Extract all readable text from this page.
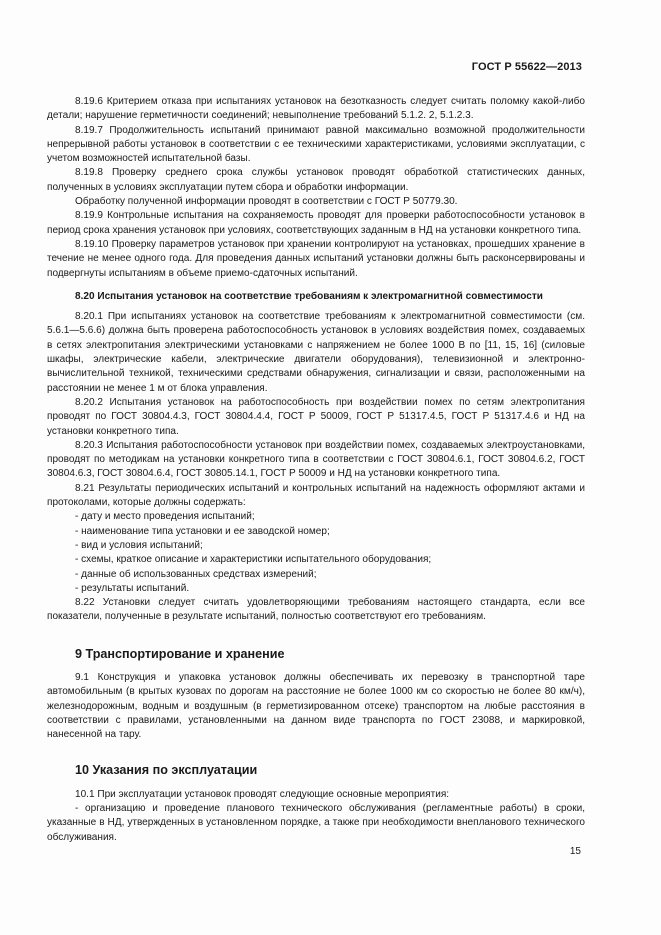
ГОСТ Р 55622—2013

8.19.6 Критерием отказа при испытаниях установок на безотказность следует считать поломку какой-либо детали; нарушение герметичности соединений; невыполнение требований 5.1.2. 2, 5.1.2.3.

8.19.7 Продолжительность испытаний принимают равной максимально возможной продолжительности непрерывной работы установок в соответствии с ее техническими характеристиками, условиями эксплуатации, с учетом возможностей испытательной базы.

8.19.8 Проверку среднего срока службы установок проводят обработкой статистических данных, полученных в условиях эксплуатации путем сбора и обработки информации.

Обработку полученной информации проводят в соответствии с ГОСТ Р 50779.30.

8.19.9 Контрольные испытания на сохраняемость проводят для проверки работоспособности установок в период срока хранения установок при условиях, соответствующих заданным в НД на установки конкретного типа.

8.19.10 Проверку параметров установок при хранении контролируют на установках, прошедших хранение в течение не менее одного года. Для проведения данных испытаний установки должны быть расконсервированы и подвергнуты испытаниям в объеме приемо-сдаточных испытаний.

8.20 Испытания установок на соответствие требованиям к электромагнитной совместимости

8.20.1 При испытаниях установок на соответствие требованиям к электромагнитной совместимости (см. 5.6.1—5.6.6) должна быть проверена работоспособность установок в условиях воздействия помех, создаваемых в сетях электропитания электрическими установками с напряжением не более 1000 В по [11, 15, 16] (силовые шкафы, электрические кабели, электрические двигатели оборудования), телевизионной и электронно-вычислительной техникой, техническими средствами обнаружения, сигнализации и связи, расположенными на расстоянии не менее 1 м от блока управления.

8.20.2 Испытания установок на работоспособность при воздействии помех по сетям электропитания проводят по ГОСТ 30804.4.3, ГОСТ 30804.4.4, ГОСТ Р 50009, ГОСТ Р 51317.4.5, ГОСТ Р 51317.4.6 и НД на установки конкретного типа.

8.20.3 Испытания работоспособности установок при воздействии помех, создаваемых электроустановками, проводят по методикам на установки конкретного типа в соответствии с ГОСТ 30804.6.1, ГОСТ 30804.6.2, ГОСТ 30804.6.3, ГОСТ 30804.6.4, ГОСТ 30805.14.1, ГОСТ Р 50009 и НД на установки конкретного типа.

8.21 Результаты периодических испытаний и контрольных испытаний на надежность оформляют актами и протоколами, которые должны содержать:

- дату и место проведения испытаний;

- наименование типа установки и ее заводской номер;

- вид и условия испытаний;

- схемы, краткое описание и характеристики испытательного оборудования;

- данные об использованных средствах измерений;

- результаты испытаний.

8.22 Установки следует считать удовлетворяющими требованиям настоящего стандарта, если все показатели, полученные в результате испытаний, полностью соответствуют его требованиям.

9 Транспортирование и хранение

9.1 Конструкция и упаковка установок должны обеспечивать их перевозку в транспортной таре автомобильным (в крытых кузовах по дорогам на расстояние не более 1000 км со скоростью не более 80 км/ч), железнодорожным, водным и воздушным (в герметизированном отсеке) транспортом на любые расстояния в соответствии с правилами, установленными на данном виде транспорта по ГОСТ 23088, и маркировкой, нанесенной на тару.

10 Указания по эксплуатации

10.1 При эксплуатации установок проводят следующие основные мероприятия:

- организацию и проведение планового технического обслуживания (регламентные работы) в сроки, указанные в НД, утвержденных в установленном порядке, а также при необходимости внепланового технического обслуживания.

15
